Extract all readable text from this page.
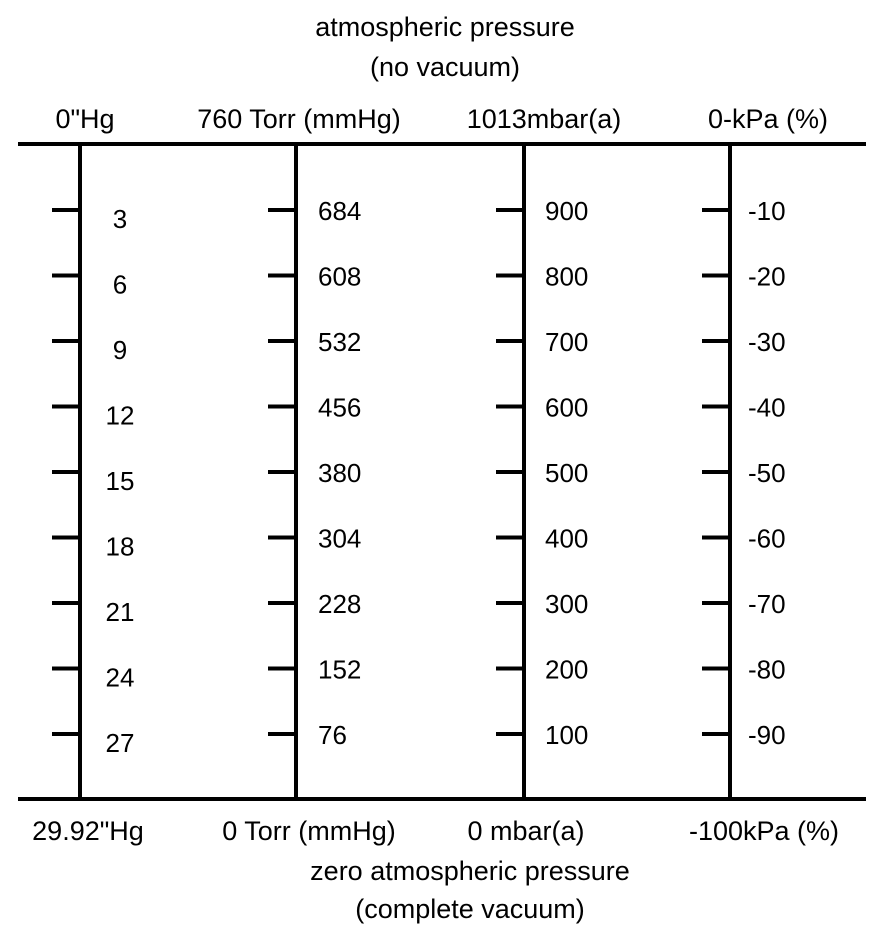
atmospheric pressure
(no vacuum)
0"Hg
29.92"Hg
3
6
9
12
15
18
21
24
27
760 Torr (mmHg)
0 Torr (mmHg)
684
608
532
456
380
304
228
152
76
1013mbar(a)
0 mbar(a)
900
800
700
600
500
400
300
200
100
0-kPa (%)
-100kPa (%)
-10
-20
-30
-40
-50
-60
-70
-80
-90
zero atmospheric pressure
(complete vacuum)
